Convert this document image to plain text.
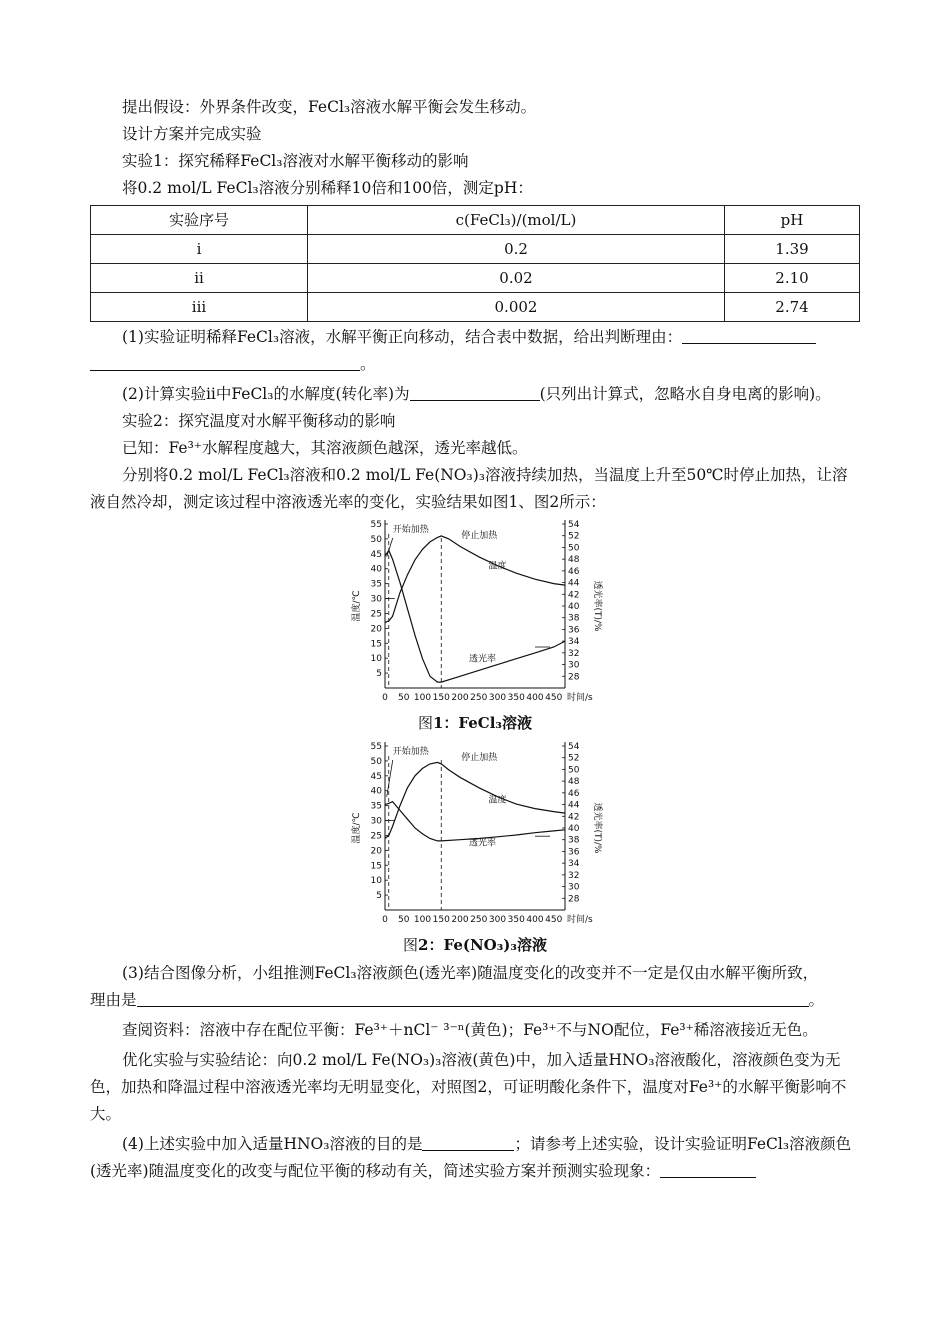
提出假设：外界条件改变，FeCl₃溶液水解平衡会发生移动。

设计方案并完成实验

实验1：探究稀释FeCl₃溶液对水解平衡移动的影响

将0.2 mol/L FeCl₃溶液分别稀释10倍和100倍，测定pH：

实验序号	c(FeCl₃)/(mol/L)	pH
i	0.2	1.39
ii	0.02	2.10
iii	0.002	2.74

(1)实验证明稀释FeCl₃溶液，水解平衡正向移动，结合表中数据，给出判断理由：

。

(2)计算实验ii中FeCl₃的水解度(转化率)为	(只列出计算式，忽略水自身电离的影响)。

实验2：探究温度对水解平衡移动的影响

已知：Fe³⁺水解程度越大，其溶液颜色越深，透光率越低。

分别将0.2 mol/L FeCl₃溶液和0.2 mol/L Fe(NO₃)₃溶液持续加热，当温度上升至50℃时停止加热，让溶液自然冷却，测定该过程中溶液透光率的变化，实验结果如图1、图2所示：

5
10
15
20
25
30
35
40
45
50
55
28
30
32
34
36
38
40
42
44
46
48
50
52
54
0 50 100 150 200 250 300 350 400 450 时间/s
温度/℃	透光率(T)/%
开始加热
停止加热
温度
透光率
图1：FeCl₃溶液
5
10
15
20
25
30
35
40
45
50
55
28
30
32
34
36
38
40
42
44
46
48
50
52
54
0 50 100 150 200 250 300 350 400 450 时间/s
温度/℃	透光率(T)/%
开始加热
停止加热
温度
透光率
图2：Fe(NO₃)₃溶液

(3)结合图像分析，小组推测FeCl₃溶液颜色(透光率)随温度变化的改变并不一定是仅由水解平衡所致，

理由是	。

查阅资料：溶液中存在配位平衡：Fe³⁺＋nCl⁻ ³⁻ⁿ(黄色)；Fe³⁺不与NO配位，Fe³⁺稀溶液接近无色。

优化实验与实验结论：向0.2 mol/L Fe(NO₃)₃溶液(黄色)中，加入适量HNO₃溶液酸化，溶液颜色变为无色，加热和降温过程中溶液透光率均无明显变化，对照图2，可证明酸化条件下，温度对Fe³⁺的水解平衡影响不大。

(4)上述实验中加入适量HNO₃溶液的目的是	；请参考上述实验，设计实验证明FeCl₃溶液颜色(透光率)随温度变化的改变与配位平衡的移动有关，简述实验方案并预测实验现象：
